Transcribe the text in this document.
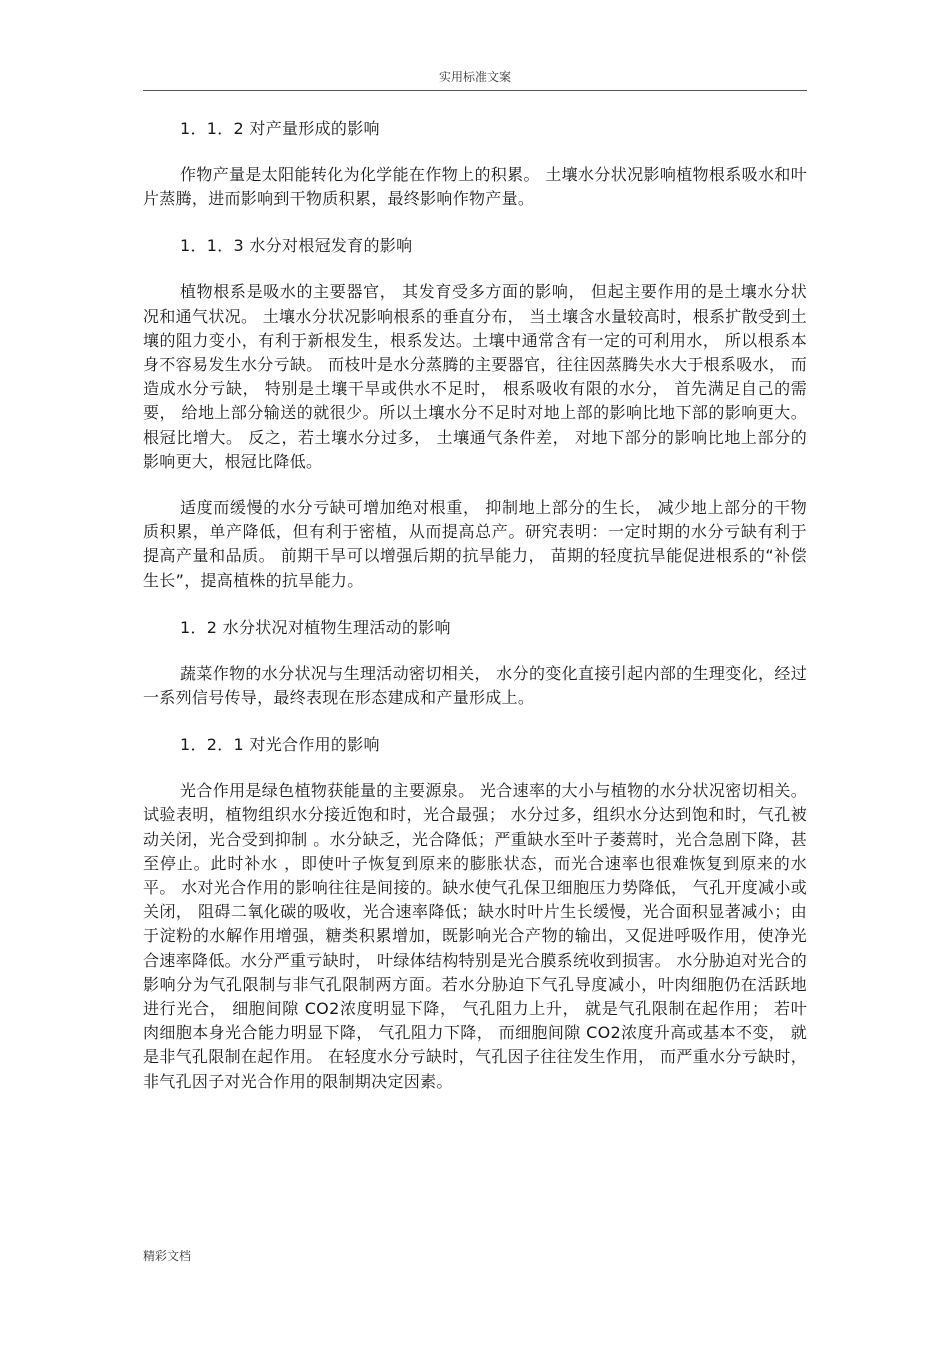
实用标准文案

1．1．2 对产量形成的影响

作物产量是太阳能转化为化学能在作物上的积累。 土壤水分状况影响植物根系吸水和叶片蒸腾，进而影响到干物质积累，最终影响作物产量。

1．1．3 水分对根冠发育的影响

植物根系是吸水的主要器官， 其发育受多方面的影响， 但起主要作用的是土壤水分状况和通气状况。 土壤水分状况影响根系的垂直分布， 当土壤含水量较高时，根系扩散受到土壤的阻力变小，有利于新根发生，根系发达。土壤中通常含有一定的可利用水， 所以根系本身不容易发生水分亏缺。 而枝叶是水分蒸腾的主要器官，往往因蒸腾失水大于根系吸水， 而造成水分亏缺， 特别是土壤干旱或供水不足时， 根系吸收有限的水分， 首先满足自己的需要， 给地上部分输送的就很少。所以土壤水分不足时对地上部的影响比地下部的影响更大。 根冠比增大。 反之，若土壤水分过多， 土壤通气条件差， 对地下部分的影响比地上部分的影响更大，根冠比降低。

适度而缓慢的水分亏缺可增加绝对根重， 抑制地上部分的生长， 减少地上部分的干物质积累，单产降低，但有利于密植，从而提高总产。研究表明：一定时期的水分亏缺有利于提高产量和品质。 前期干旱可以增强后期的抗旱能力， 苗期的轻度抗旱能促进根系的“补偿生长”，提高植株的抗旱能力。

1．2 水分状况对植物生理活动的影响

蔬菜作物的水分状况与生理活动密切相关， 水分的变化直接引起内部的生理变化，经过一系列信号传导，最终表现在形态建成和产量形成上。

1．2．1 对光合作用的影响

光合作用是绿色植物获能量的主要源泉。 光合速率的大小与植物的水分状况密切相关。试验表明，植物组织水分接近饱和时，光合最强； 水分过多，组织水分达到饱和时，气孔被动关闭，光合受到抑制 。水分缺乏，光合降低；严重缺水至叶子萎蔫时，光合急剧下降，甚至停止。此时补水 ，即使叶子恢复到原来的膨胀状态，而光合速率也很难恢复到原来的水平。 水对光合作用的影响往往是间接的。缺水使气孔保卫细胞压力势降低， 气孔开度减小或关闭， 阻碍二氧化碳的吸收，光合速率降低；缺水时叶片生长缓慢，光合面积显著减小；由于淀粉的水解作用增强，糖类积累增加，既影响光合产物的输出，又促进呼吸作用，使净光合速率降低。水分严重亏缺时， 叶绿体结构特别是光合膜系统收到损害。 水分胁迫对光合的影响分为气孔限制与非气孔限制两方面。若水分胁迫下气孔导度减小，叶肉细胞仍在活跃地进行光合， 细胞间隙 CO2浓度明显下降， 气孔阻力上升， 就是气孔限制在起作用； 若叶肉细胞本身光合能力明显下降， 气孔阻力下降， 而细胞间隙 CO2浓度升高或基本不变， 就是非气孔限制在起作用。 在轻度水分亏缺时，气孔因子往往发生作用， 而严重水分亏缺时， 非气孔因子对光合作用的限制期决定因素。

精彩文档
